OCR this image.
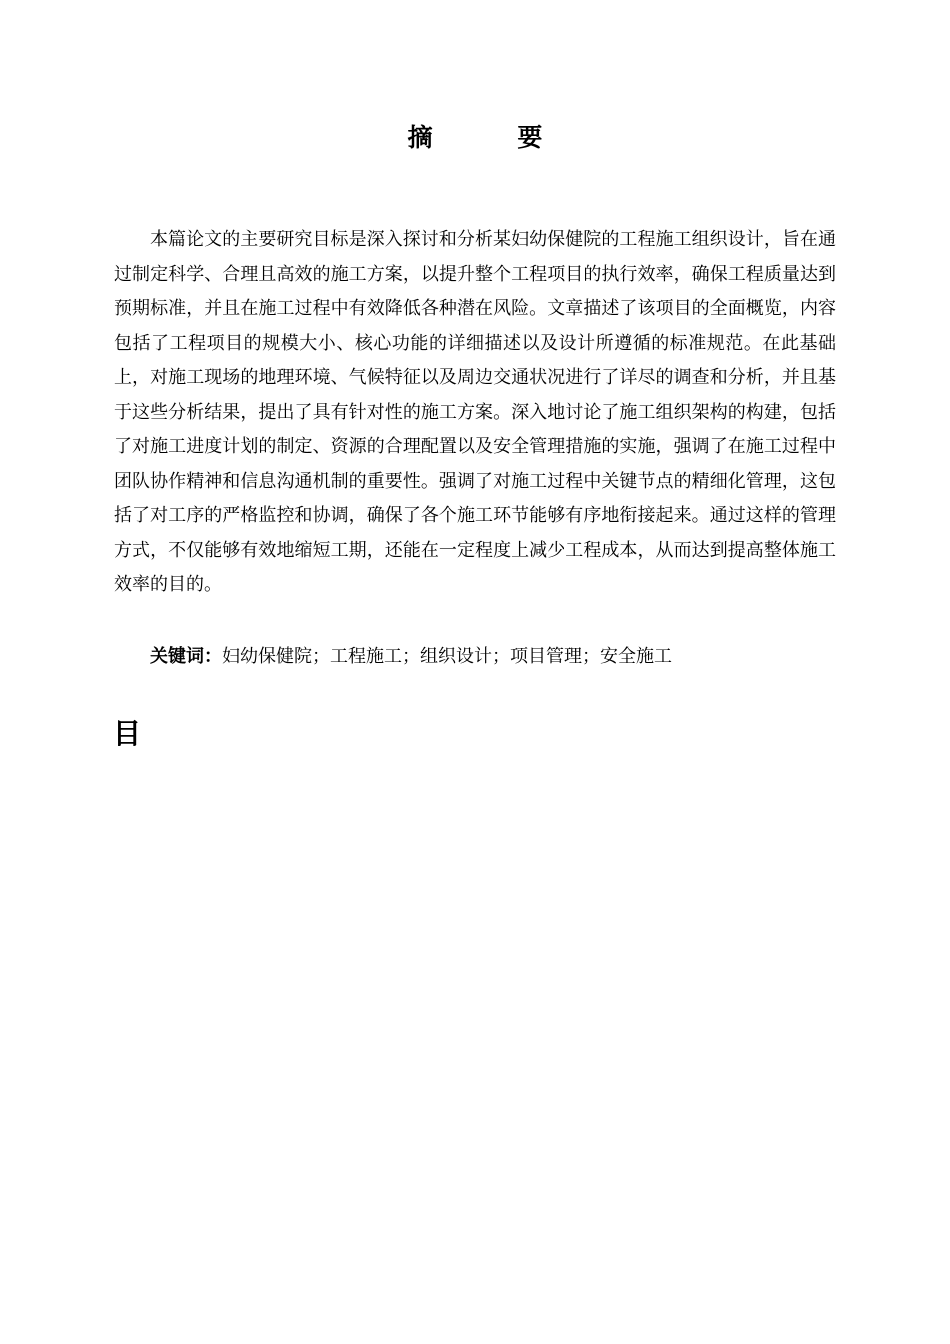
摘 要

本篇论文的主要研究目标是深入探讨和分析某妇幼保健院的工程施工组织设计，旨在通过制定科学、合理且高效的施工方案，以提升整个工程项目的执行效率，确保工程质量达到预期标准，并且在施工过程中有效降低各种潜在风险。文章描述了该项目的全面概览，内容包括了工程项目的规模大小、核心功能的详细描述以及设计所遵循的标准规范。在此基础上，对施工现场的地理环境、气候特征以及周边交通状况进行了详尽的调查和分析，并且基于这些分析结果，提出了具有针对性的施工方案。深入地讨论了施工组织架构的构建，包括了对施工进度计划的制定、资源的合理配置以及安全管理措施的实施，强调了在施工过程中团队协作精神和信息沟通机制的重要性。强调了对施工过程中关键节点的精细化管理，这包括了对工序的严格监控和协调，确保了各个施工环节能够有序地衔接起来。通过这样的管理方式，不仅能够有效地缩短工期，还能在一定程度上减少工程成本，从而达到提高整体施工效率的目的。

关键词：妇幼保健院；工程施工；组织设计；项目管理；安全施工

目
